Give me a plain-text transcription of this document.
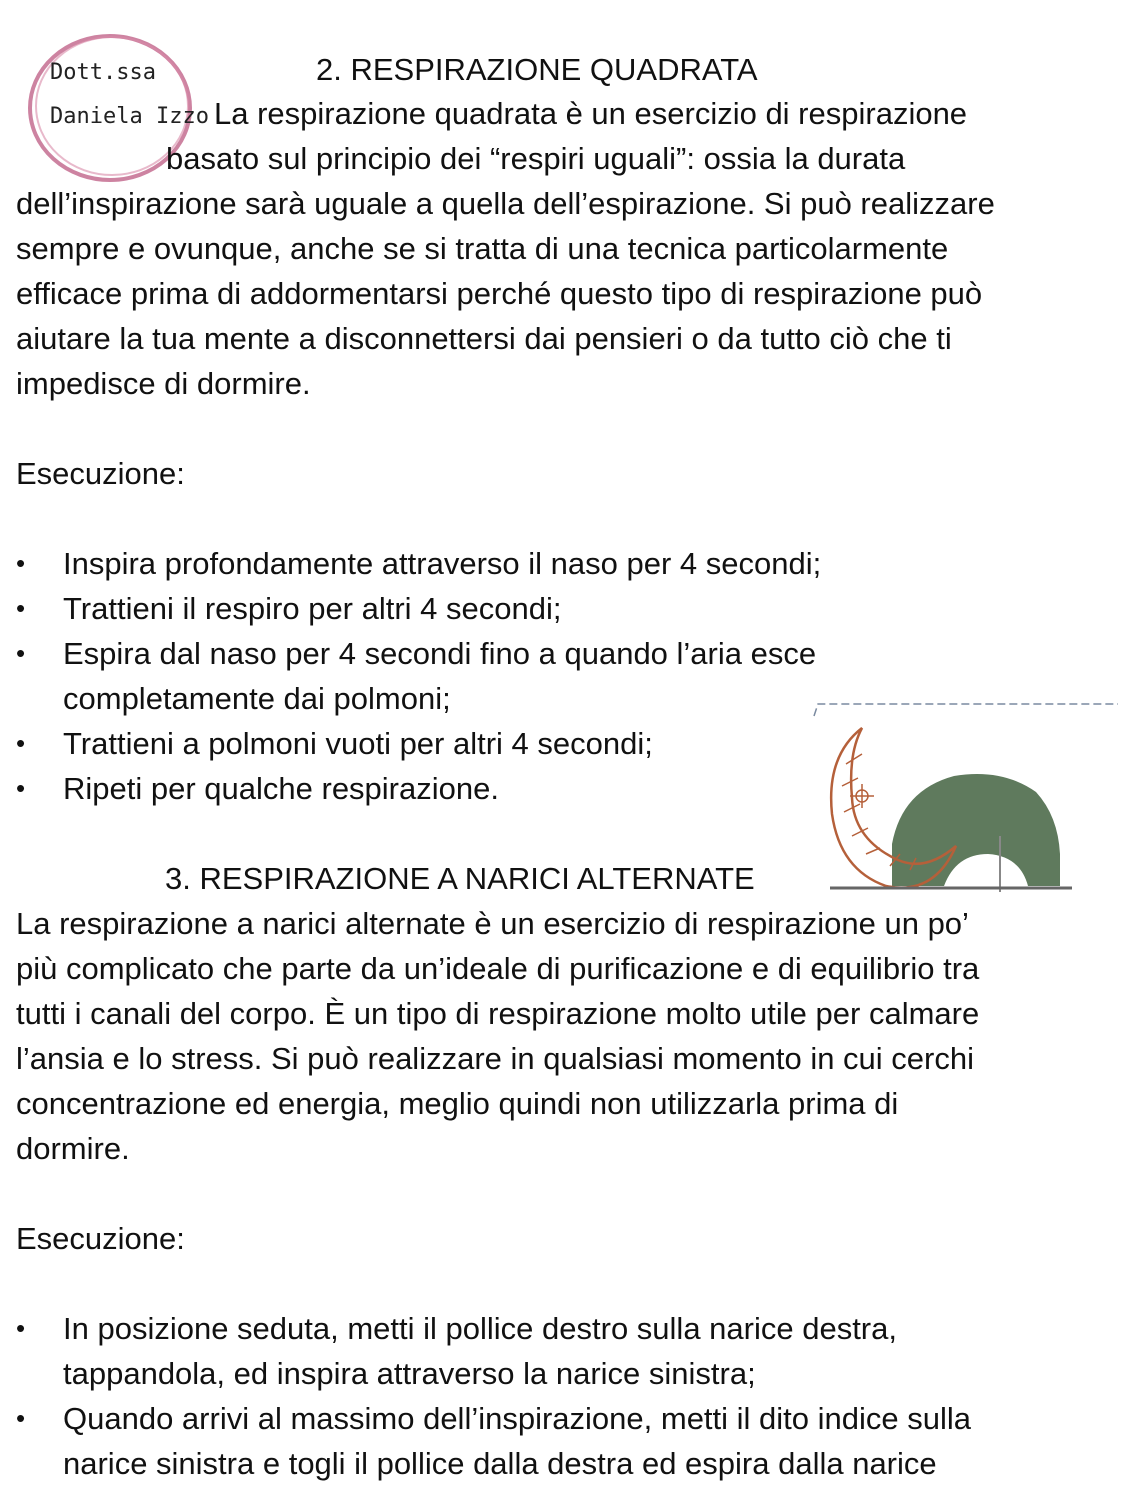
Dott.ssa
Daniela Izzo

2. RESPIRAZIONE QUADRATA

La respirazione quadrata è un esercizio di respirazione

basato sul principio dei “respiri uguali”: ossia la durata

dell’inspirazione sarà uguale a quella dell’espirazione. Si può realizzare

sempre e ovunque, anche se si tratta di una tecnica particolarmente

efficace prima di addormentarsi perché questo tipo di respirazione può

aiutare la tua mente a disconnettersi dai pensieri o da tutto ciò che ti

impedisce di dormire.

Esecuzione:

• Inspira profondamente attraverso il naso per 4 secondi;

• Trattieni il respiro per altri 4 secondi;

• Espira dal naso per 4 secondi fino a quando l’aria esce

completamente dai polmoni;

• Trattieni a polmoni vuoti per altri 4 secondi;

• Ripeti per qualche respirazione.

3. RESPIRAZIONE A NARICI ALTERNATE

La respirazione a narici alternate è un esercizio di respirazione un po’

più complicato che parte da un’ideale di purificazione e di equilibrio tra

tutti i canali del corpo. È un tipo di respirazione molto utile per calmare

l’ansia e lo stress. Si può realizzare in qualsiasi momento in cui cerchi

concentrazione ed energia, meglio quindi non utilizzarla prima di

dormire.

Esecuzione:

• In posizione seduta, metti il pollice destro sulla narice destra,

tappandola, ed inspira attraverso la narice sinistra;

• Quando arrivi al massimo dell’inspirazione, metti il dito indice sulla

narice sinistra e togli il pollice dalla destra ed espira dalla narice
